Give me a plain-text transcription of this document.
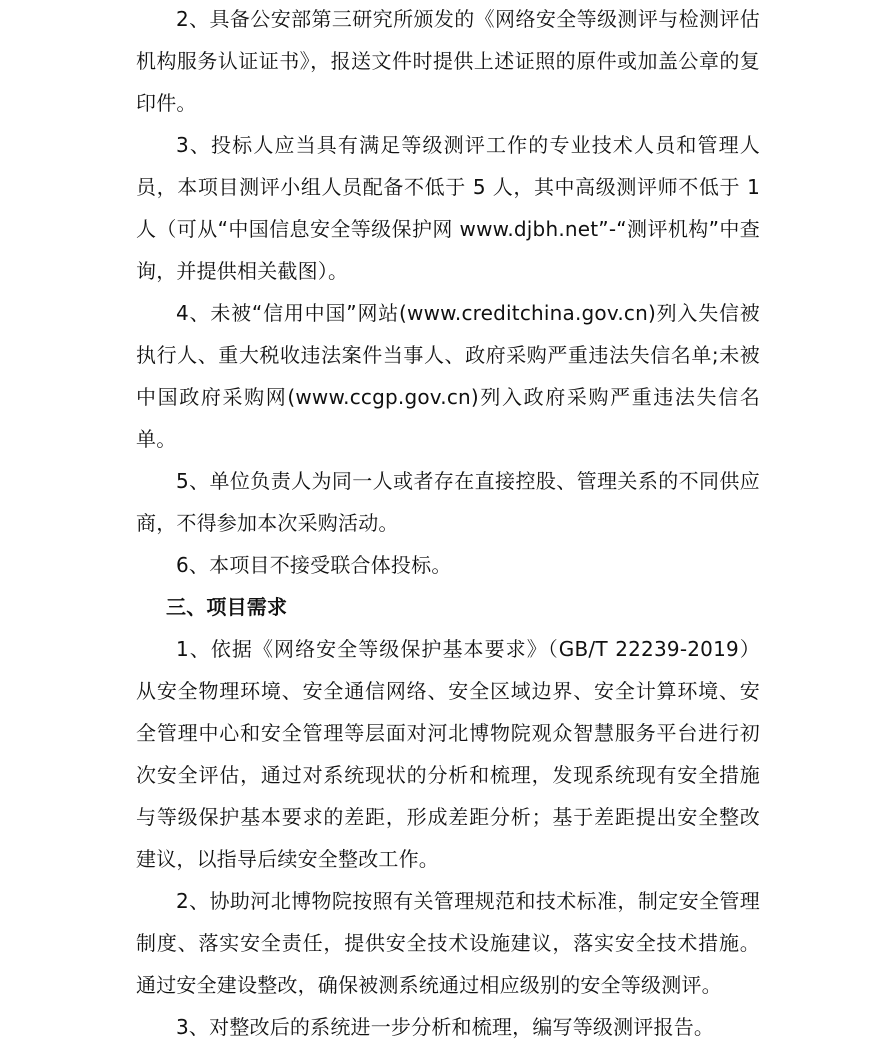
2、具备公安部第三研究所颁发的《网络安全等级测评与检测评估机构服务认证证书》，报送文件时提供上述证照的原件或加盖公章的复印件。

3、投标人应当具有满足等级测评工作的专业技术人员和管理人员，本项目测评小组人员配备不低于 5 人，其中高级测评师不低于 1 人（可从“中国信息安全等级保护网 www.djbh.net”-“测评机构”中查询，并提供相关截图）。

4、未被“信用中国”网站(www.creditchina.gov.cn)列入失信被执行人、重大税收违法案件当事人、政府采购严重违法失信名单;未被中国政府采购网(www.ccgp.gov.cn)列入政府采购严重违法失信名单。

5、单位负责人为同一人或者存在直接控股、管理关系的不同供应商，不得参加本次采购活动。

6、本项目不接受联合体投标。

三、项目需求

1、依据《网络安全等级保护基本要求》（GB/T 22239-2019）从安全物理环境、安全通信网络、安全区域边界、安全计算环境、安全管理中心和安全管理等层面对河北博物院观众智慧服务平台进行初次安全评估，通过对系统现状的分析和梳理，发现系统现有安全措施与等级保护基本要求的差距，形成差距分析；基于差距提出安全整改建议，以指导后续安全整改工作。

2、协助河北博物院按照有关管理规范和技术标准，制定安全管理制度、落实安全责任，提供安全技术设施建议，落实安全技术措施。通过安全建设整改，确保被测系统通过相应级别的安全等级测评。

3、对整改后的系统进一步分析和梳理，编写等级测评报告。
